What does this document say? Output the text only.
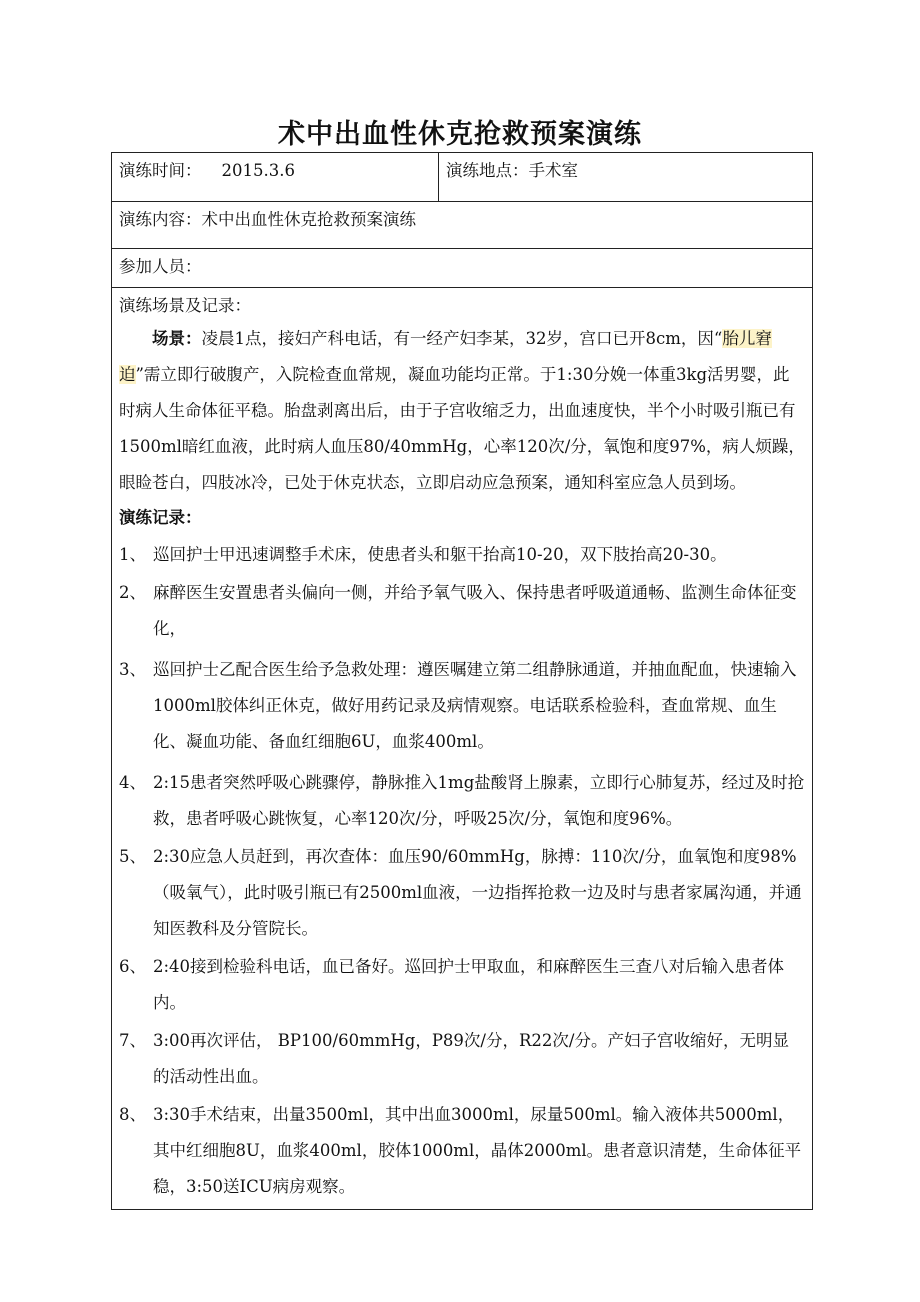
术中出血性休克抢救预案演练
演练时间： 2015.3.6	演练地点：手术室
演练内容：术中出血性休克抢救预案演练
参加人员：

演练场景及记录：
场景：凌晨1点，接妇产科电话，有一经产妇李某，32岁，宫口已开8cm，因“胎儿窘迫”需立即行破腹产，入院检查血常规，凝血功能均正常。于1:30分娩一体重3kg活男婴，此时病人生命体征平稳。胎盘剥离出后，由于子宫收缩乏力，出血速度快，半个小时吸引瓶已有1500ml暗红血液，此时病人血压80/40mmHg，心率120次/分，氧饱和度97%，病人烦躁，眼睑苍白，四肢冰冷，已处于休克状态，立即启动应急预案，通知科室应急人员到场。
演练记录：
1、 巡回护士甲迅速调整手术床，使患者头和躯干抬高10-20，双下肢抬高20-30。
2、 麻醉医生安置患者头偏向一侧，并给予氧气吸入、保持患者呼吸道通畅、监测生命体征变化，
3、 巡回护士乙配合医生给予急救处理：遵医嘱建立第二组静脉通道，并抽血配血，快速输入1000ml胶体纠正休克，做好用药记录及病情观察。电话联系检验科，查血常规、血生化、凝血功能、备血红细胞6U，血浆400ml。
4、 2:15患者突然呼吸心跳骤停，静脉推入1mg盐酸肾上腺素，立即行心肺复苏，经过及时抢救，患者呼吸心跳恢复，心率120次/分，呼吸25次/分，氧饱和度96%。
5、 2:30应急人员赶到，再次查体：血压90/60mmHg，脉搏：110次/分，血氧饱和度98%（吸氧气），此时吸引瓶已有2500ml血液，一边指挥抢救一边及时与患者家属沟通，并通知医教科及分管院长。
6、 2:40接到检验科电话，血已备好。巡回护士甲取血，和麻醉医生三查八对后输入患者体内。
7、 3:00再次评估， BP100/60mmHg，P89次/分，R22次/分。产妇子宫收缩好，无明显的活动性出血。
8、 3:30手术结束，出量3500ml，其中出血3000ml，尿量500ml。输入液体共5000ml，其中红细胞8U，血浆400ml，胶体1000ml，晶体2000ml。患者意识清楚，生命体征平稳，3:50送ICU病房观察。
